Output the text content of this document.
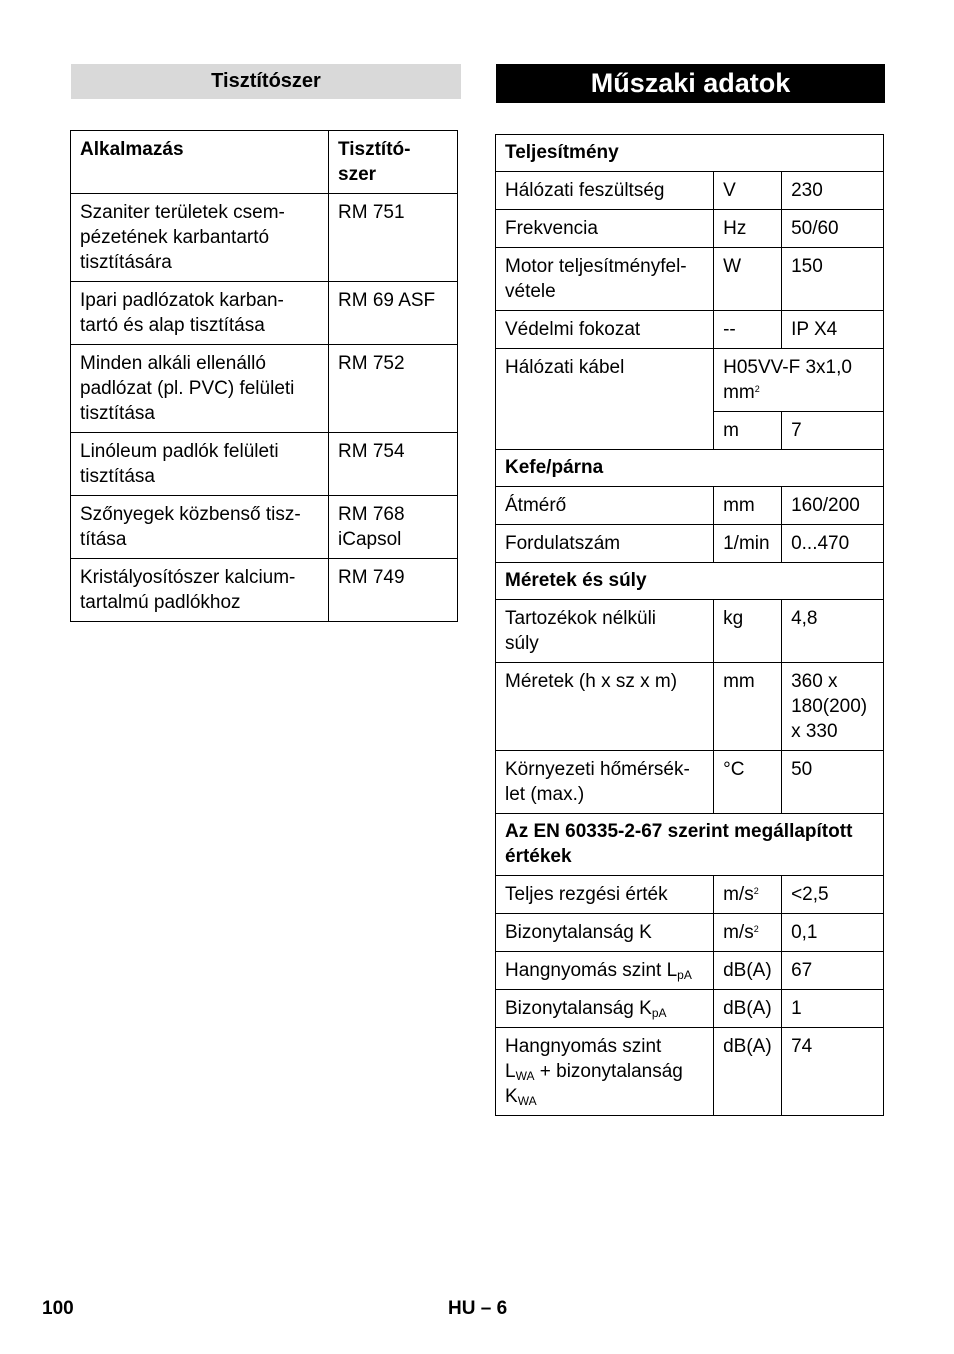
Tisztítószer
Alkalmazás	Tisztító-
szer
Szaniter területek csem-
pézetének karbantartó
tisztítására	RM 751
Ipari padlózatok karban-
tartó és alap tisztítása	RM 69 ASF
Minden alkáli ellenálló
padlózat (pl. PVC) felületi
tisztítása	RM 752
Linóleum padlók felületi
tisztítása	RM 754
Szőnyegek közbenső tisz-
títása	RM 768
iCapsol
Kristályosítószer kalcium-
tartalmú padlókhoz	RM 749
Műszaki adatok
Teljesítmény		
Hálózati feszültség	V	230
Frekvencia	Hz	50/60
Motor teljesítményfel-
vétele	W	150
Védelmi fokozat	--	IP X4
Hálózati kábel	H05VV-F 3x1,0
$mm^2$
	m	7
Kefe/párna		
Átmérő	mm	160/200
Fordulatszám	1/min	0...470
Méretek és súly		
Tartozékok nélküli
súly	kg	4,8
Méretek (h x sz x m)	mm	360 x
180(200)
x 330
Környezeti hőmérsék-
let (max.)	°C	50
Az EN 60335-2-67 szerint megállapított értékek		
Teljes rezgési érték	$m/s^2$	<2,5
Bizonytalanság K	$m/s^2$	0,1
Hangnyomás szint $L_{pA}$	dB(A)	67
Bizonytalanság $K_{pA}$	dB(A)	1
Hangnyomás szint
$L_{WA}$ + bizonytalanság
$K_{WA}$	dB(A)	74
100	HU – 6
